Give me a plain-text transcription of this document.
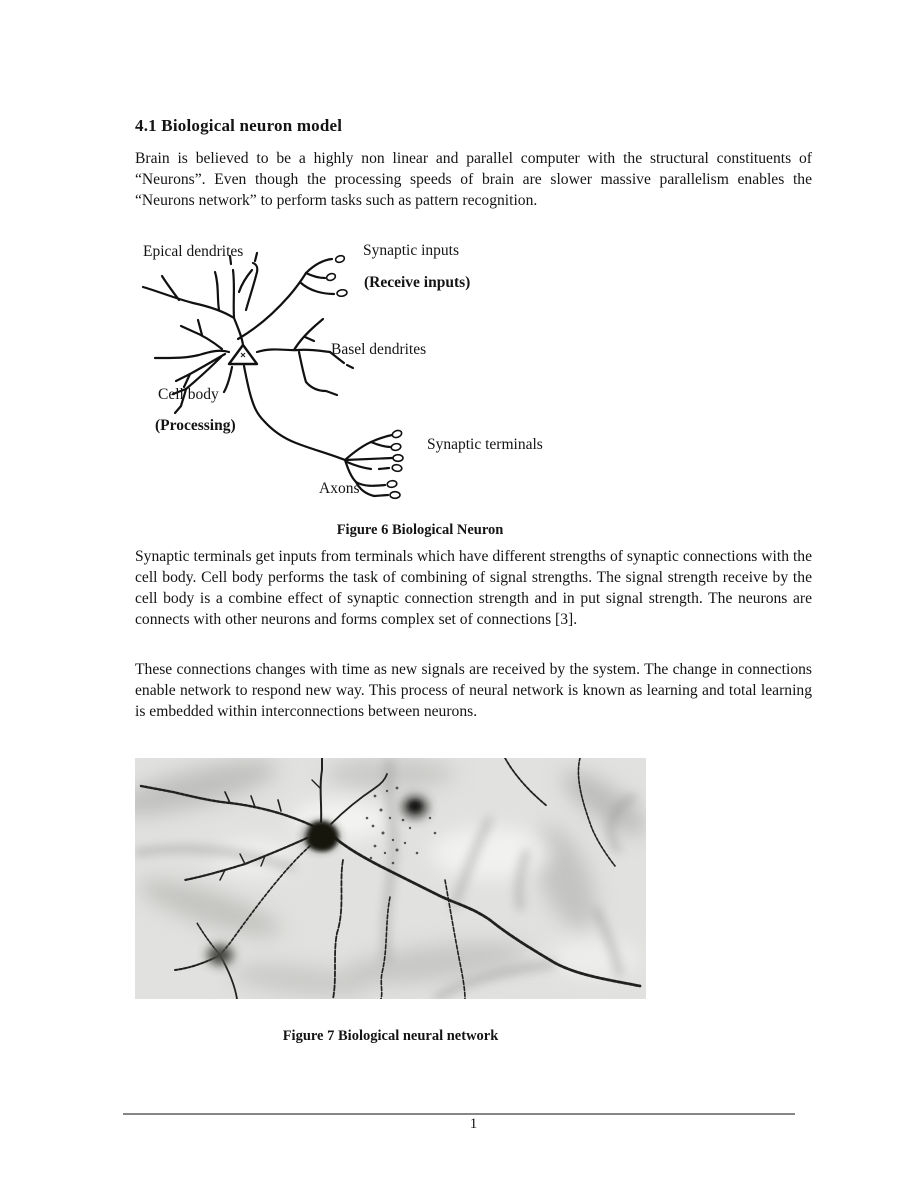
4.1 Biological neuron model

Brain is believed to be a highly non linear and parallel computer with the structural constituents of “Neurons”. Even though the processing speeds of brain are slower massive parallelism enables the “Neurons network” to perform tasks such as pattern recognition.

Epical dendrites	Synaptic inputs
(Receive inputs)
Basel dendrites
Cell body
(Processing)
Synaptic terminals
Axons
Figure 6 Biological Neuron

Synaptic terminals get inputs from terminals which have different strengths of synaptic connections with the cell body. Cell body performs the task of combining of signal strengths. The signal strength receive by the cell body is a combine effect of synaptic connection strength and in put signal strength. The neurons are connects with other neurons and forms complex set of connections [3].

These connections changes with time as new signals are received by the system. The change in connections enable network to respond new way. This process of neural network is known as learning and total learning is embedded within interconnections between neurons.

Figure 7 Biological neural network
1
